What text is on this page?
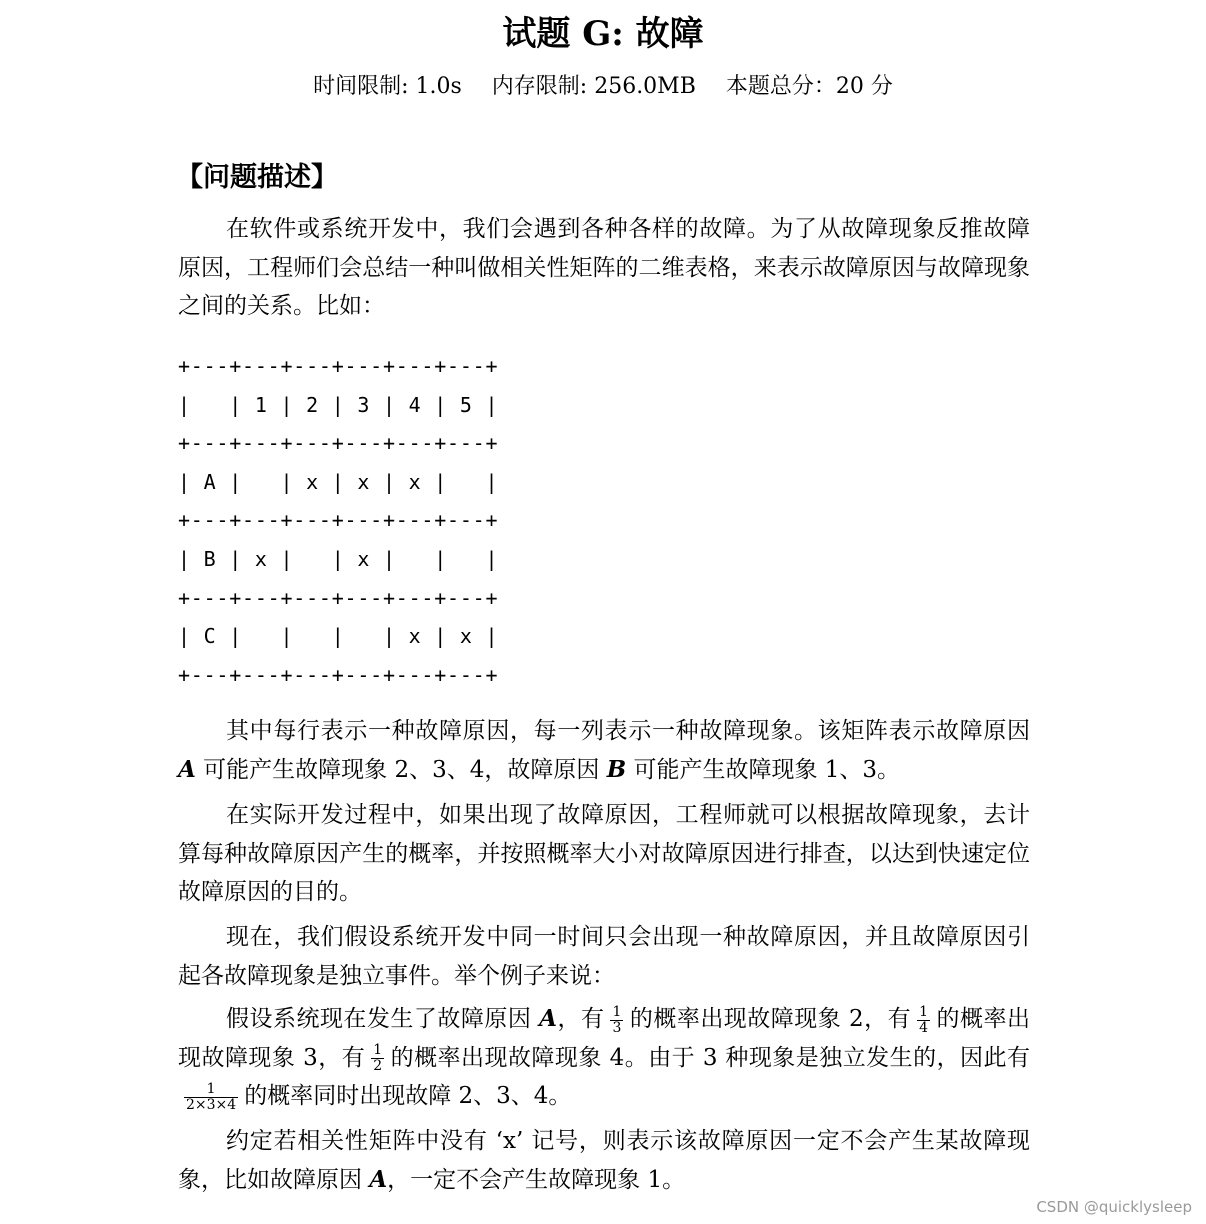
试题 G: 故障
时间限制: 1.0s 内存限制: 256.0MB 本题总分：20 分
【问题描述】

在软件或系统开发中，我们会遇到各种各样的故障。为了从故障现象反推故障原因，工程师们会总结一种叫做相关性矩阵的二维表格，来表示故障原因与故障现象之间的关系。比如：

+---+---+---+---+---+---+
|   | 1 | 2 | 3 | 4 | 5 |
+---+---+---+---+---+---+
| A |   | x | x | x |   |
+---+---+---+---+---+---+
| B | x |   | x |   |   |
+---+---+---+---+---+---+
| C |   |   |   | x | x |
+---+---+---+---+---+---+

其中每行表示一种故障原因，每一列表示一种故障现象。该矩阵表示故障原因 A 可能产生故障现象 2、3、4，故障原因 B 可能产生故障现象 1、3。

在实际开发过程中，如果出现了故障原因，工程师就可以根据故障现象，去计算每种故障原因产生的概率，并按照概率大小对故障原因进行排查，以达到快速定位故障原因的目的。

现在，我们假设系统开发中同一时间只会出现一种故障原因，并且故障原因引起各故障现象是独立事件。举个例子来说：

假设系统现在发生了故障原因 A，有 $\frac{1}{3}$ 的概率出现故障现象 2，有 $\frac{1}{4}$ 的概率出现故障现象 3，有 $\frac{1}{2}$ 的概率出现故障现象 4。由于 3 种现象是独立发生的，因此有
$\frac{1}{2\times 3\times 4}$ 的概率同时出现故障 2、3、4。

约定若相关性矩阵中没有 ‘x’ 记号，则表示该故障原因一定不会产生某故障现象，比如故障原因 A，一定不会产生故障现象 1。

CSDN @quicklysleep
